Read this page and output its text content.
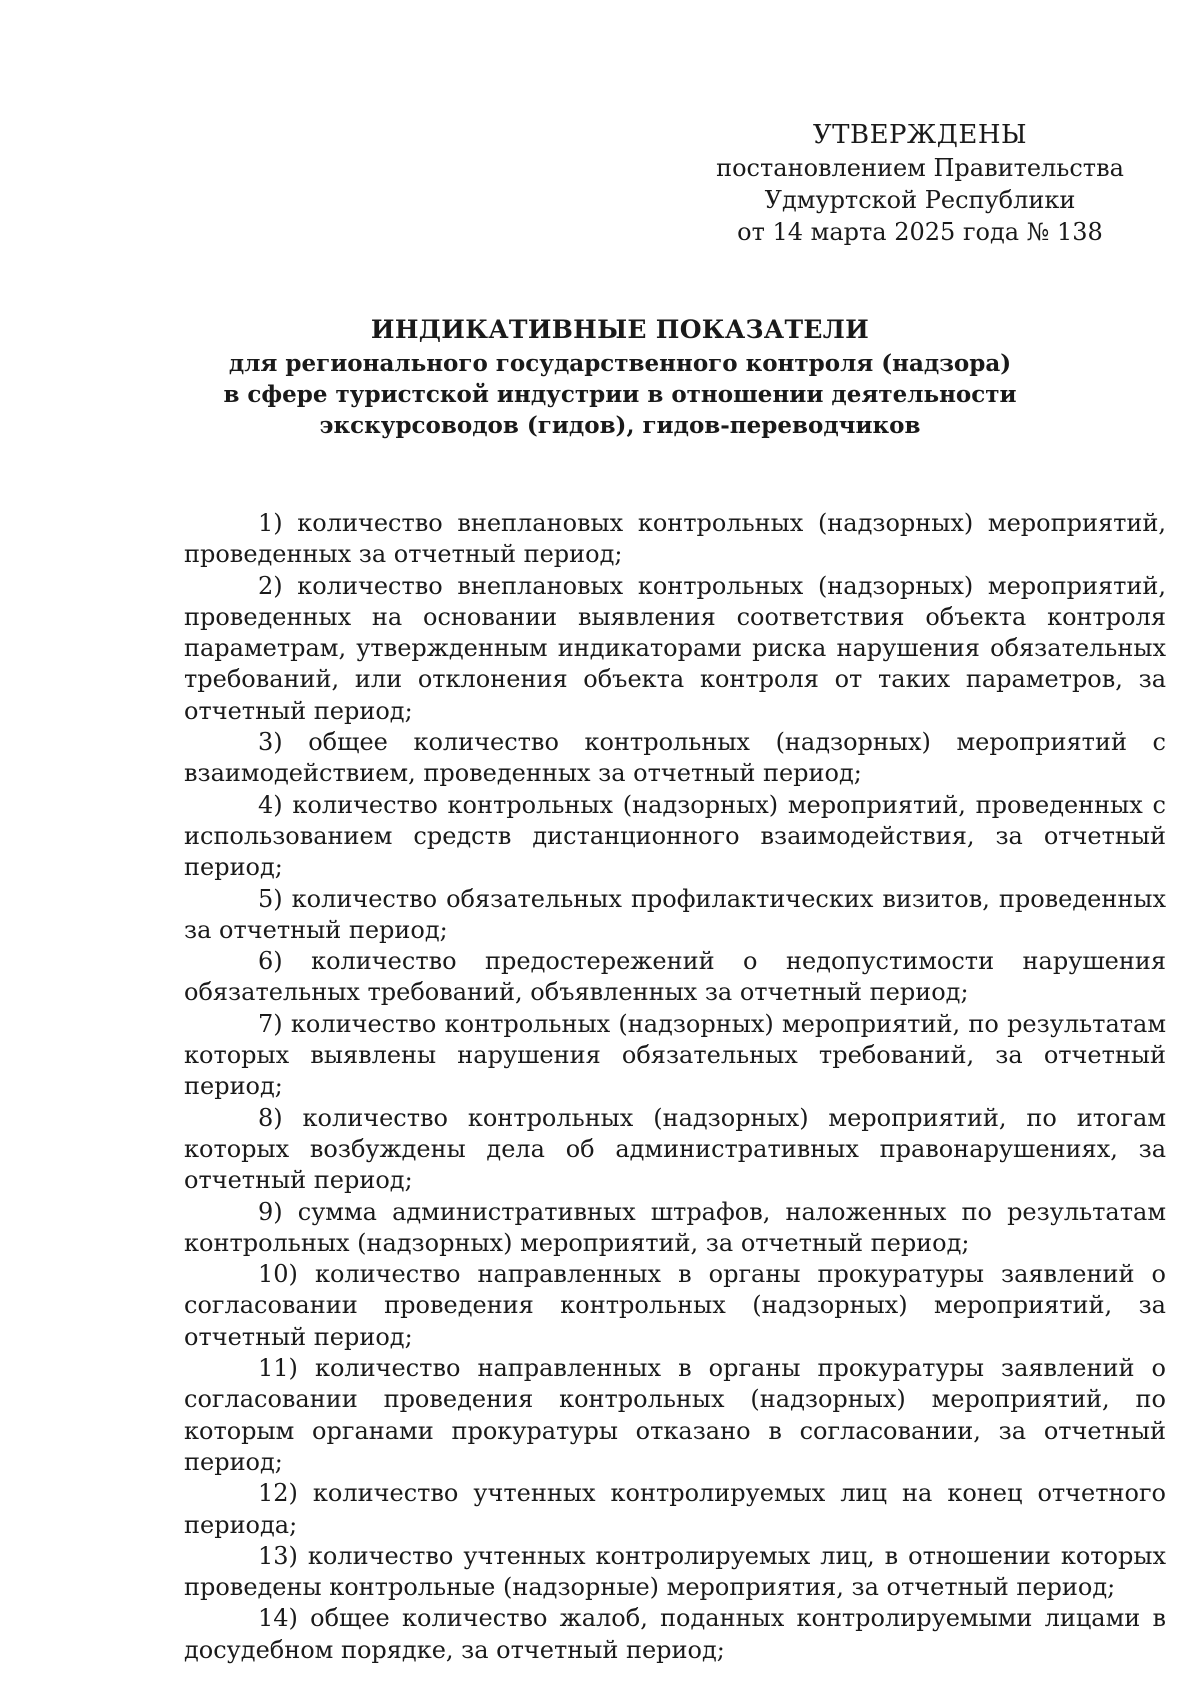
УТВЕРЖДЕНЫ
постановлением Правительства
Удмуртской Республики
от 14 марта 2025 года № 138
ИНДИКАТИВНЫЕ ПОКАЗАТЕЛИ
для регионального государственного контроля (надзора)
в сфере туристской индустрии в отношении деятельности
экскурсоводов (гидов), гидов-переводчиков

1) количество внеплановых контрольных (надзорных) мероприятий, проведенных за отчетный период;

2) количество внеплановых контрольных (надзорных) мероприятий, проведенных на основании выявления соответствия объекта контроля параметрам, утвержденным индикаторами риска нарушения обязательных требований, или отклонения объекта контроля от таких параметров, за отчетный период;

3) общее количество контрольных (надзорных) мероприятий с взаимодействием, проведенных за отчетный период;

4) количество контрольных (надзорных) мероприятий, проведенных с использованием средств дистанционного взаимодействия, за отчетный период;

5) количество обязательных профилактических визитов, проведенных за отчетный период;

6) количество предостережений о недопустимости нарушения обязательных требований, объявленных за отчетный период;

7) количество контрольных (надзорных) мероприятий, по результатам которых выявлены нарушения обязательных требований, за отчетный период;

8) количество контрольных (надзорных) мероприятий, по итогам которых возбуждены дела об административных правонарушениях, за отчетный период;

9) сумма административных штрафов, наложенных по результатам контрольных (надзорных) мероприятий, за отчетный период;

10) количество направленных в органы прокуратуры заявлений о согласовании проведения контрольных (надзорных) мероприятий, за отчетный период;

11) количество направленных в органы прокуратуры заявлений о согласовании проведения контрольных (надзорных) мероприятий, по которым органами прокуратуры отказано в согласовании, за отчетный период;

12) количество учтенных контролируемых лиц на конец отчетного периода;

13) количество учтенных контролируемых лиц, в отношении которых проведены контрольные (надзорные) мероприятия, за отчетный период;

14) общее количество жалоб, поданных контролируемыми лицами в досудебном порядке, за отчетный период;
